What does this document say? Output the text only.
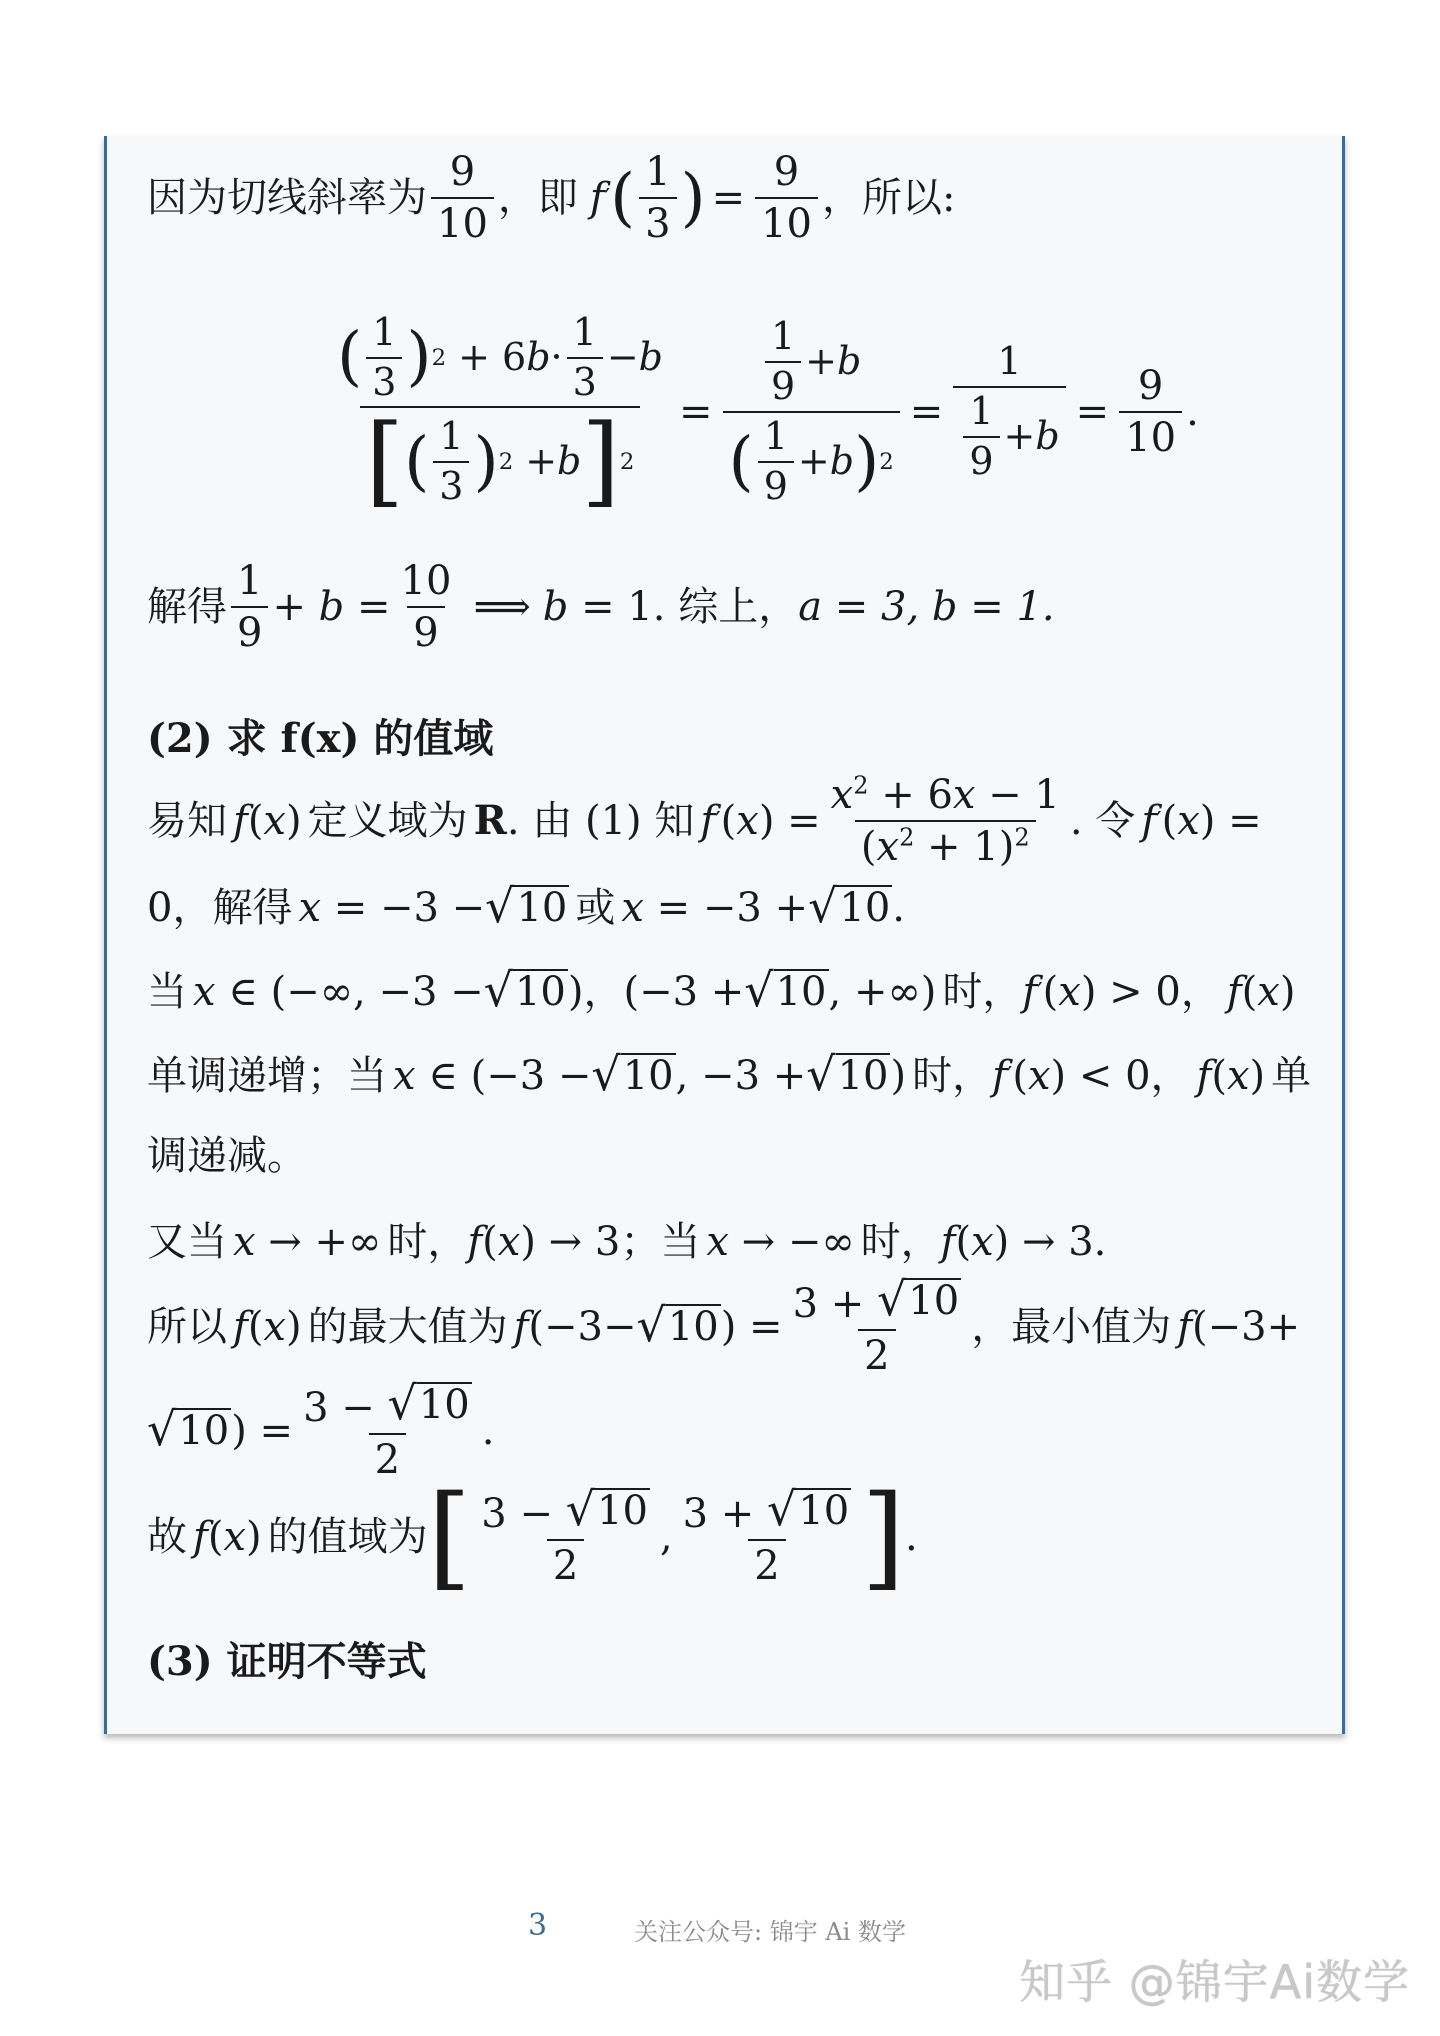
因为切线斜率为 $\frac{9}{10}$ ，即 f ′ ( $\frac{1}{3}$ ) = $\frac{9}{10}$ ，所以:
( $\frac{1}{3}$ ) 2 + 6 $b \cdot \frac{1}{3} - b$
[ ( $\frac{1}{3}$ ) 2 + b ] 2
= $\frac{\frac{1}{9} + b}{( \frac{1}{9} + b ) 2} = \frac{1}{\frac{1}{9} + b} = \frac{9}{10}$ .
解得 $\frac{1}{9} + b = \frac{10}{9}$ ⟹ b = 1 . 综上， a = 3, b = 1.
(2) 求 f(x) 的值域
易知 f ( x ) 定义域为 R . 由 (1) 知 f ′ ( x ) = $\frac{x^2 + 6x - 1}{(x^2 + 1)^2}$ . 令 f ′ ( x ) =
0，解得 x = −3 − √ 10 或 x = −3 + √ 10 .
当 x ∈ (−∞, −3 − √ 10 )，(−3 + √ 10 , +∞) 时， f ′ ( x ) > 0， f ( x )
单调递增；当 x ∈ (−3 − √ 10 , −3 + √ 10 ) 时， f ′ ( x ) < 0， f ( x ) 单
调递减。
又当 x → +∞ 时， f ( x ) → 3 ；当 x → −∞ 时， f ( x ) → 3.
所以 f ( x ) 的最大值为 f (−3− √ 10 ) = $\frac{3 + √ 10}{2}$ ，最小值为 f (−3+
√ 10 ) = $\frac{3 - √ 10}{2}$ .
故 f ( x ) 的值域为 [ $\frac{3 - √ 10}{2}$ , $\frac{3 + √ 10}{2}$ ] .
(3) 证明不等式
3	关注公众号: 锦宇 Ai 数学
知乎 @锦宇Ai数学
